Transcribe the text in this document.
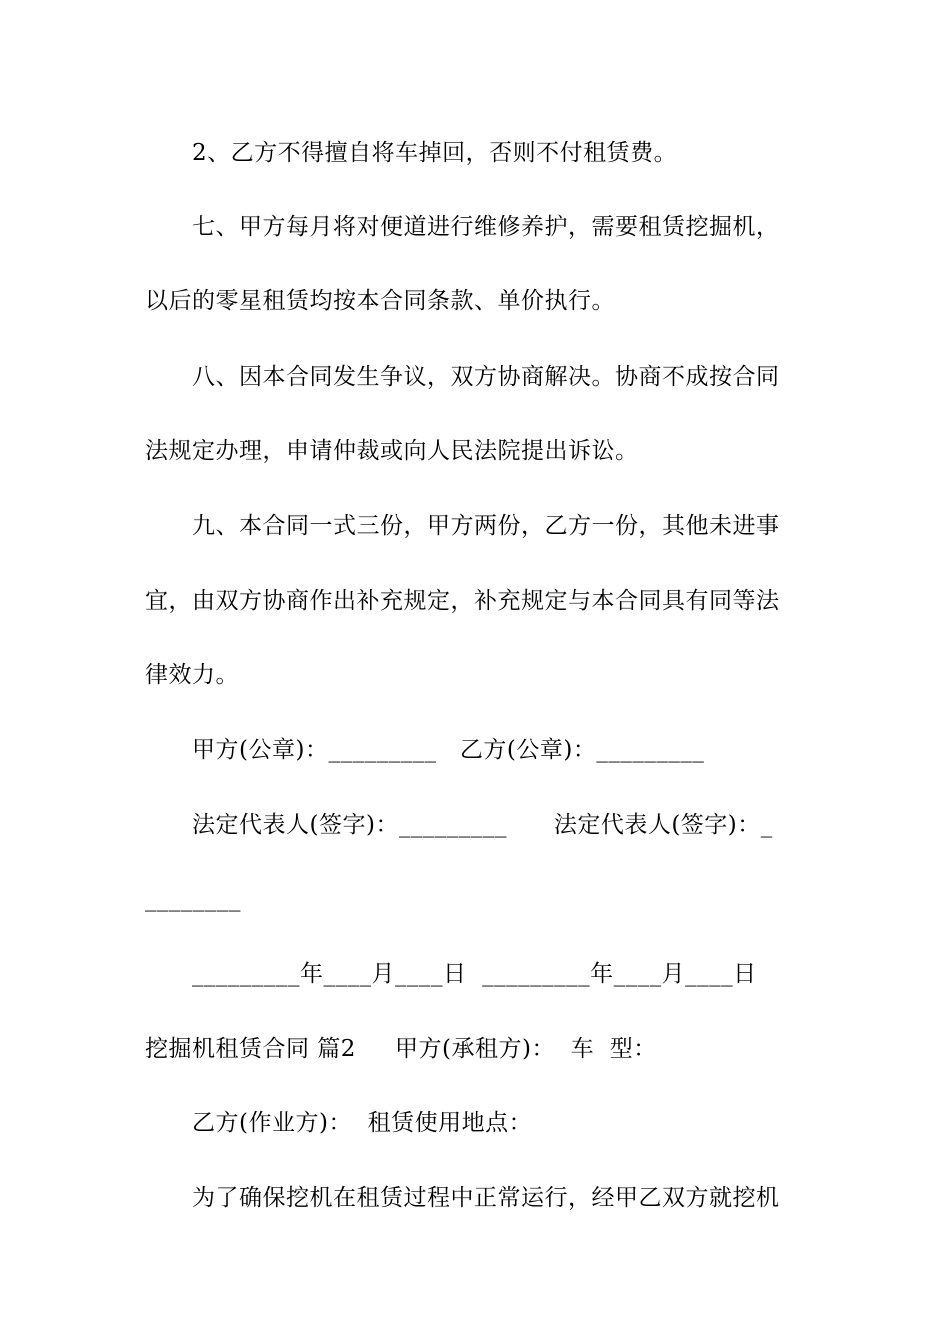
2、乙方不得擅自将车掉回，否则不付租赁费。
七、甲方每月将对便道进行维修养护，需要租赁挖掘机，
以后的零星租赁均按本合同条款、单价执行。
八、因本合同发生争议，双方协商解决。协商不成按合同
法规定办理，申请仲裁或向人民法院提出诉讼。
九、本合同一式三份，甲方两份，乙方一份，其他未进事
宜，由双方协商作出补充规定，补充规定与本合同具有同等法
律效力。
甲方(公章)：_________   乙方(公章)：_________
法定代表人(签字)：_________      法定代表人(签字)：_
________
_________年____月____日  _________年____月____日
挖掘机租赁合同 篇2     甲方(承租方)：  车  型：
乙方(作业方)：  租赁使用地点：
为了确保挖机在租赁过程中正常运行，经甲乙双方就挖机
